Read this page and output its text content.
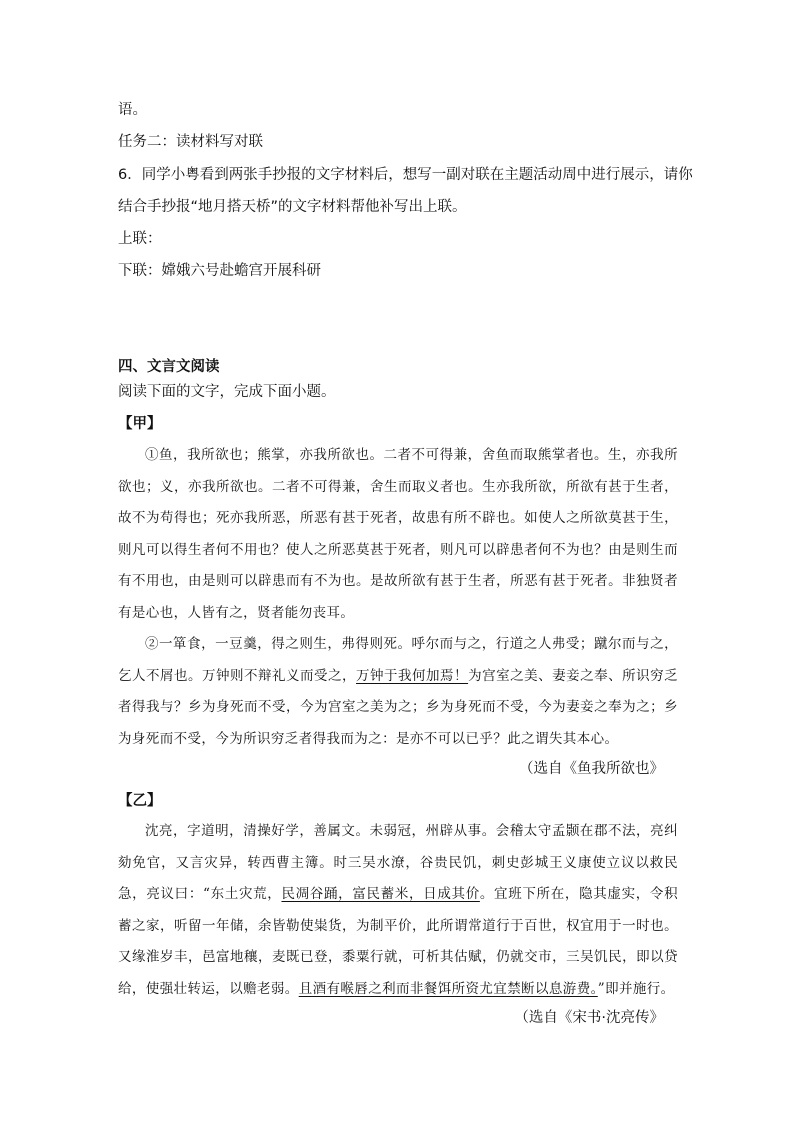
语。
任务二：读材料写对联
6．同学小粤看到两张手抄报的文字材料后，想写一副对联在主题活动周中进行展示，请你
结合手抄报“地月搭天桥”的文字材料帮他补写出上联。
上联：
下联：嫦娥六号赴蟾宫开展科研
四、文言文阅读
阅读下面的文字，完成下面小题。
【甲】

①鱼，我所欲也；熊掌，亦我所欲也。二者不可得兼，舍鱼而取熊掌者也。生，亦我所欲也；义，亦我所欲也。二者不可得兼，舍生而取义者也。生亦我所欲，所欲有甚于生者，故不为苟得也；死亦我所恶，所恶有甚于死者，故患有所不辟也。如使人之所欲莫甚于生，则凡可以得生者何不用也？使人之所恶莫甚于死者，则凡可以辟患者何不为也？由是则生而有不用也，由是则可以辟患而有不为也。是故所欲有甚于生者，所恶有甚于死者。非独贤者有是心也，人皆有之，贤者能勿丧耳。

②一箪食，一豆羹，得之则生，弗得则死。呼尔而与之，行道之人弗受；蹴尔而与之，乞人不屑也。万钟则不辩礼义而受之，万钟于我何加焉！为宫室之美、妻妾之奉、所识穷乏者得我与？乡为身死而不受，今为宫室之美为之；乡为身死而不受，今为妻妾之奉为之；乡为身死而不受，今为所识穷乏者得我而为之：是亦不可以已乎？此之谓失其本心。

（选自《鱼我所欲也》
【乙】

沈亮，字道明，清操好学，善属文。未弱冠，州辟从事。会稽太守孟颢在郡不法，亮纠劾免官，又言灾异，转西曹主簿。时三吴水潦，谷贵民饥，刺史彭城王义康使立议以救民急，亮议曰：“东土灾荒，民凋谷踊，富民蓄米，日成其价。宜班下所在，隐其虚实，令积蓄之家，听留一年储，余皆勒使粜货，为制平价，此所谓常道行于百世，权宜用于一时也。又缘淮岁丰，邑富地穰，麦既已登，黍粟行就，可析其估赋，仍就交市，三吴饥民，即以贷给，使强壮转运，以赡老弱。且酒有喉唇之利而非餐饵所资尤宜禁断以息游费。”即并施行。

（选自《宋书·沈亮传》
